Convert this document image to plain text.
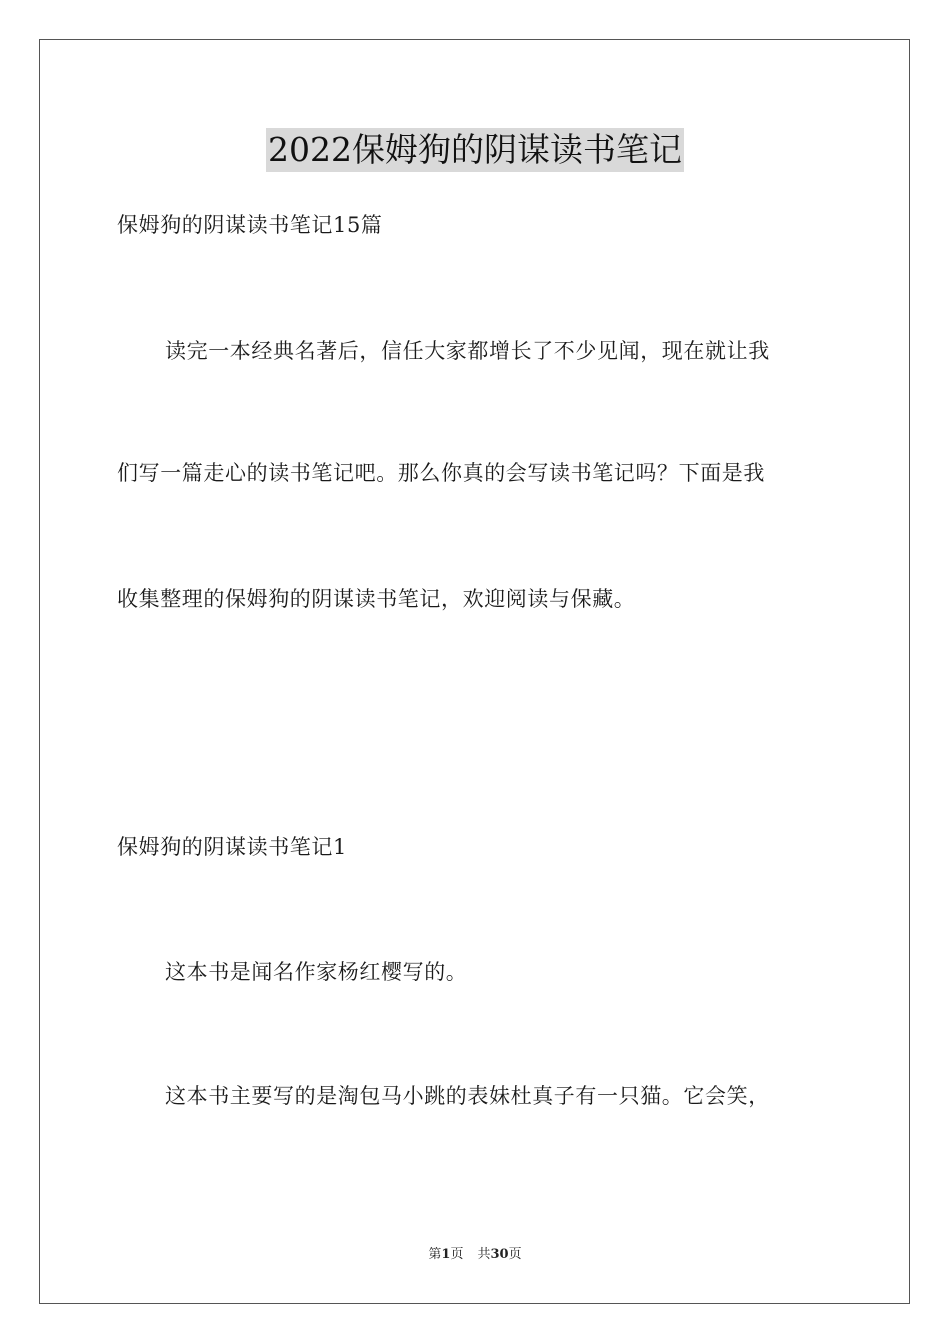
2022保姆狗的阴谋读书笔记
保姆狗的阴谋读书笔记15篇
读完一本经典名著后，信任大家都增长了不少见闻，现在就让我
们写一篇走心的读书笔记吧。那么你真的会写读书笔记吗？下面是我
收集整理的保姆狗的阴谋读书笔记，欢迎阅读与保藏。
保姆狗的阴谋读书笔记1
这本书是闻名作家杨红樱写的。
这本书主要写的是淘包马小跳的表妹杜真子有一只猫。它会笑，
第1页 共30页
